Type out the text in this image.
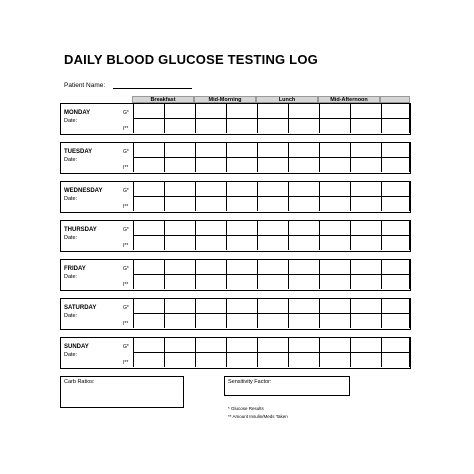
DAILY BLOOD GLUCOSE TESTING LOG
Patient Name:
Breakfast	Mid-Morning	Lunch	Mid-Afternoon
MONDAY
Date:
G*
I**
TUESDAY
Date:
G*
I**
WEDNESDAY
Date:
G*
I**
THURSDAY
Date:
G*
I**
FRIDAY
Date:
G*
I**
SATURDAY
Date:
G*
I**
SUNDAY
Date:
G*
I**
Carb Ratios:	Sensitivity Factor:
* Glucose Results
** Amount Insulin/Meds Taken
